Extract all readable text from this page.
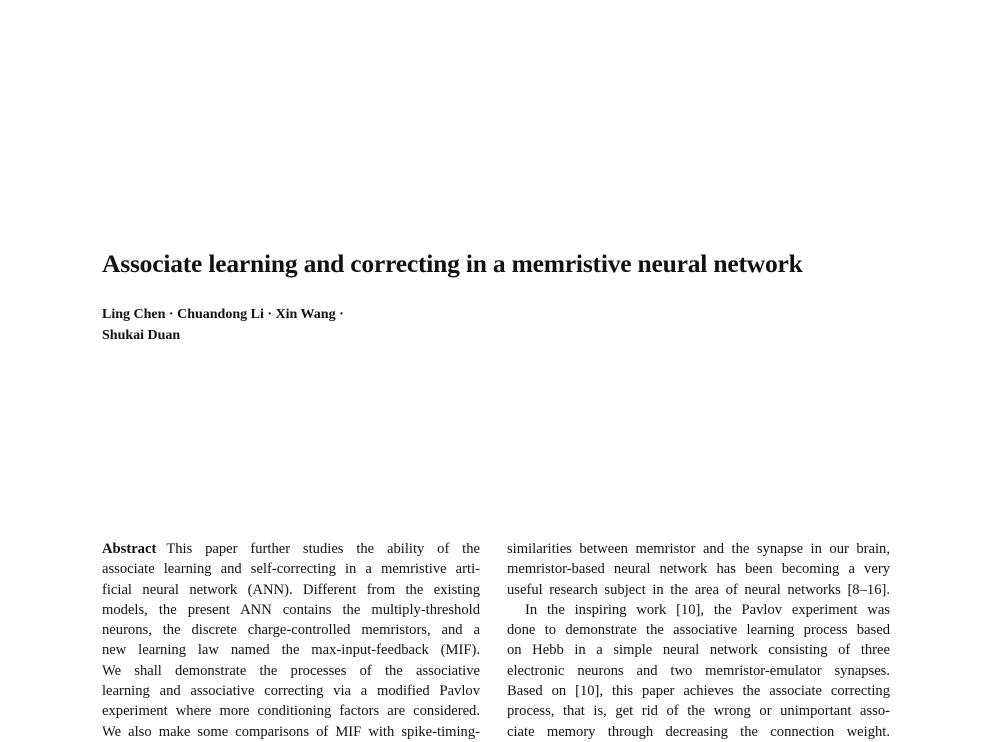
Associate learning and correcting in a memristive neural network
Ling Chen · Chuandong Li · Xin Wang ·
Shukai Duan
Abstract This paper further studies the ability of the
associate learning and self-correcting in a memristive arti-
ficial neural network (ANN). Different from the existing
models, the present ANN contains the multiply-threshold
neurons, the discrete charge-controlled memristors, and a
new learning law named the max-input-feedback (MIF).
We shall demonstrate the processes of the associative
learning and associative correcting via a modified Pavlov
experiment where more conditioning factors are considered.
We also make some comparisons of MIF with spike-timing-
similarities between memristor and the synapse in our brain,
memristor-based neural network has been becoming a very
useful research subject in the area of neural networks [8–16].
In the inspiring work [10], the Pavlov experiment was
done to demonstrate the associative learning process based
on Hebb in a simple neural network consisting of three
electronic neurons and two memristor-emulator synapses.
Based on [10], this paper achieves the associate correcting
process, that is, get rid of the wrong or unimportant asso-
ciate memory through decreasing the connection weight.
